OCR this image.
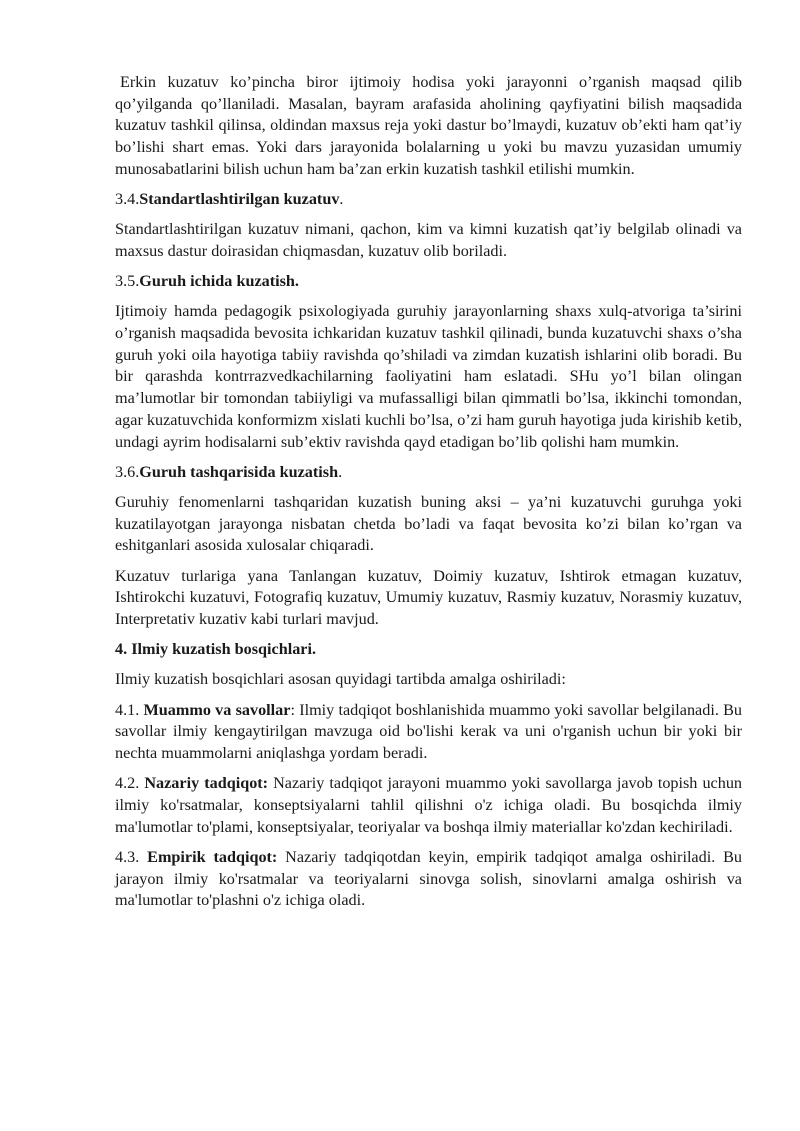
Erkin kuzatuv ko’pincha biror ijtimoiy hodisa yoki jarayonni o’rganish maqsad qilib qo’yilganda qo’llaniladi. Masalan, bayram arafasida aholining qayfiyatini bilish maqsadida kuzatuv tashkil qilinsa, oldindan maxsus reja yoki dastur bo’lmaydi, kuzatuv ob’ekti ham qat’iy bo’lishi shart emas. Yoki dars jarayonida bolalarning u yoki bu mavzu yuzasidan umumiy munosabatlarini bilish uchun ham ba’zan erkin kuzatish tashkil etilishi mumkin.

3.4.Standartlashtirilgan kuzatuv.

Standartlashtirilgan kuzatuv nimani, qachon, kim va kimni kuzatish qat’iy belgilab olinadi va maxsus dastur doirasidan chiqmasdan, kuzatuv olib boriladi.

3.5.Guruh ichida kuzatish.

Ijtimoiy hamda pedagogik psixologiyada guruhiy jarayonlarning shaxs xulq-atvoriga ta’sirini o’rganish maqsadida bevosita ichkaridan kuzatuv tashkil qilinadi, bunda kuzatuvchi shaxs o’sha guruh yoki oila hayotiga tabiiy ravishda qo’shiladi va zimdan kuzatish ishlarini olib boradi. Bu bir qarashda kontrrazvedkachilarning faoliyatini ham eslatadi. SHu yo’l bilan olingan ma’lumotlar bir tomondan tabiiyligi va mufassalligi bilan qimmatli bo’lsa, ikkinchi tomondan, agar kuzatuvchida konformizm xislati kuchli bo’lsa, o’zi ham guruh hayotiga juda kirishib ketib, undagi ayrim hodisalarni sub’ektiv ravishda qayd etadigan bo’lib qolishi ham mumkin.

3.6.Guruh tashqarisida kuzatish.

Guruhiy fenomenlarni tashqaridan kuzatish buning aksi – ya’ni kuzatuvchi guruhga yoki kuzatilayotgan jarayonga nisbatan chetda bo’ladi va faqat bevosita ko’zi bilan ko’rgan va eshitganlari asosida xulosalar chiqaradi.

Kuzatuv turlariga yana Tanlangan kuzatuv, Doimiy kuzatuv, Ishtirok etmagan kuzatuv, Ishtirokchi kuzatuvi, Fotografiq kuzatuv, Umumiy kuzatuv, Rasmiy kuzatuv, Norasmiy kuzatuv, Interpretativ kuzativ kabi turlari mavjud.

4. Ilmiy kuzatish bosqichlari.

Ilmiy kuzatish bosqichlari asosan quyidagi tartibda amalga oshiriladi:

4.1. Muammo va savollar: Ilmiy tadqiqot boshlanishida muammo yoki savollar belgilanadi. Bu savollar ilmiy kengaytirilgan mavzuga oid bo'lishi kerak va uni o'rganish uchun bir yoki bir nechta muammolarni aniqlashga yordam beradi.

4.2. Nazariy tadqiqot: Nazariy tadqiqot jarayoni muammo yoki savollarga javob topish uchun ilmiy ko'rsatmalar, konseptsiyalarni tahlil qilishni o'z ichiga oladi. Bu bosqichda ilmiy ma'lumotlar to'plami, konseptsiyalar, teoriyalar va boshqa ilmiy materiallar ko'zdan kechiriladi.

4.3. Empirik tadqiqot: Nazariy tadqiqotdan keyin, empirik tadqiqot amalga oshiriladi. Bu jarayon ilmiy ko'rsatmalar va teoriyalarni sinovga solish, sinovlarni amalga oshirish va ma'lumotlar to'plashni o'z ichiga oladi.
